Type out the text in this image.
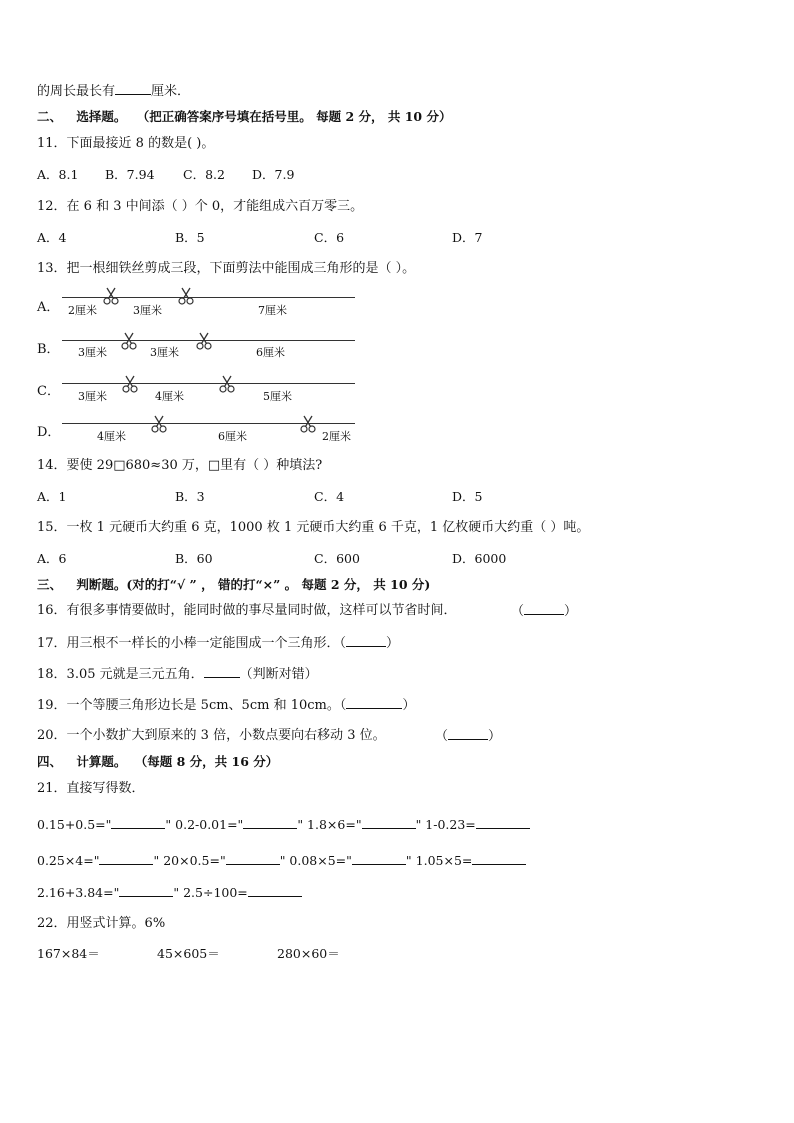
的周长最长有	厘米．
二、 选择题。 （把正确答案序号填在括号里。 每题 2 分， 共 10 分）
11．下面最接近 8 的数是( )。
A．8.1 B．7.94 C．8.2 D．7.9
12．在 6 和 3 中间添（ ）个 0，才能组成六百万零三。
A．4	B．5	C．6	D．7
13．把一根细铁丝剪成三段，下面剪法中能围成三角形的是（ ）。
A． 2厘米	3厘米	7厘米
B． 3厘米	3厘米	6厘米
C． 3厘米	4厘米	5厘米
D．	4厘米	6厘米	2厘米
14．要使 29□680≈30 万，□里有（ ）种填法?
A．1	B．3	C．4	D．5
15．一枚 1 元硬币大约重 6 克，1000 枚 1 元硬币大约重 6 千克，1 亿枚硬币大约重（ ）吨。
A．6	B．60	C．600	D．6000
三、 判断题。(对的打“√ ” ， 错的打“×” 。 每题 2 分， 共 10 分)
16．有很多事情要做时，能同时做的事尽量同时做，这样可以节省时间．	（	）
17．用三根不一样长的小棒一定能围成一个三角形．（	）
18．3.05 元就是三元五角．	（判断对错）
19．一个等腰三角形边长是 5cm、5cm 和 10cm。（	）
20．一个小数扩大到原来的 3 倍，小数点要向右移动 3 位。	（	）
四、 计算题。 （每题 8 分，共 16 分）
21．直接写得数．
0.15+0.5="	" 0.2-0.01="	" 1.8×6="	" 1-0.23=
0.25×4="	" 20×0.5="	" 0.08×5="	" 1.05×5=
2.16+3.84="	" 2.5÷100=
22．用竖式计算。6%
167×84＝	45×605＝	280×60＝
